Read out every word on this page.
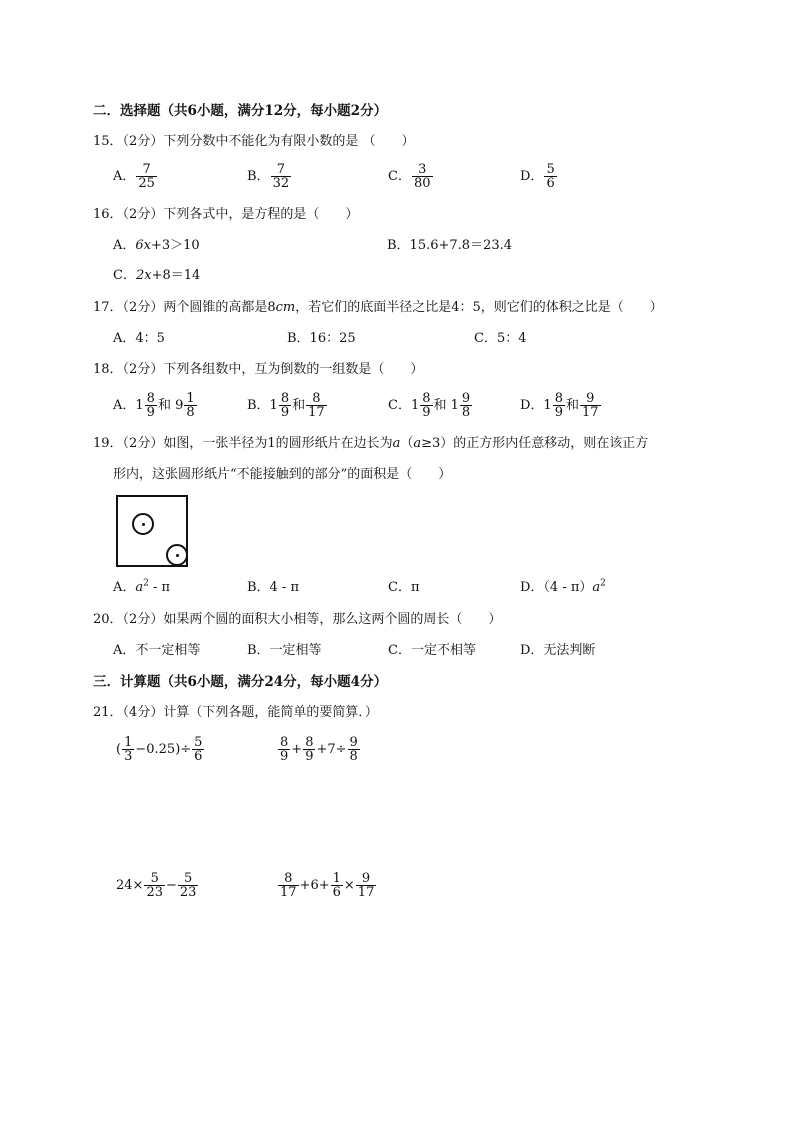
二．选择题（共6小题，满分12分，每小题2分）
15．（2分）下列分数中不能化为有限小数的是 （　　）
A． $\frac{7}{25}$	B． $\frac{7}{32}$	C． $\frac{3}{80}$	D． $\frac{5}{6}$
16．（2分）下列各式中，是方程的是（　　）
A．6x+3＞10	B．15.6+7.8＝23.4
C．2x+8＝14
17．（2分）两个圆锥的高都是8cm，若它们的底面半径之比是4：5，则它们的体积之比是（　　）
A．4：5	B．16：25	C．5：4
18．（2分）下列各组数中，互为倒数的一组数是（　　）
A．$1 \frac{8}{9}$ 和 $9 \frac{1}{8}$	B．$1 \frac{8}{9}$ 和 $\frac{8}{17}$	C．$1 \frac{8}{9}$ 和 $1 \frac{9}{8}$	D．$1 \frac{8}{9}$ 和 $\frac{9}{17}$
19．（2分）如图，一张半径为1的圆形纸片在边长为a（a≥3）的正方形内任意移动，则在该正方
形内，这张圆形纸片“不能接触到的部分”的面积是（　　）
A．$a^2$ - π	B．4 - π	C．π	D．$(4 - \pi)a^2$
20．（2分）如果两个圆的面积大小相等，那么这两个圆的周长（　　）
A．不一定相等	B．一定相等	C．一定不相等	D．无法判断
三．计算题（共6小题，满分24分，每小题4分）
21．（4分）计算（下列各题，能简单的要简算．）
( $\frac{1}{3} -0.25)\div \frac{5}{6}$	$\frac{8}{9} + \frac{8}{9} +7\div \frac{9}{8}$
$24\times \frac{5}{23} - \frac{5}{23}$	$\frac{8}{17} +6+ \frac{1}{6} \times \frac{9}{17}$
